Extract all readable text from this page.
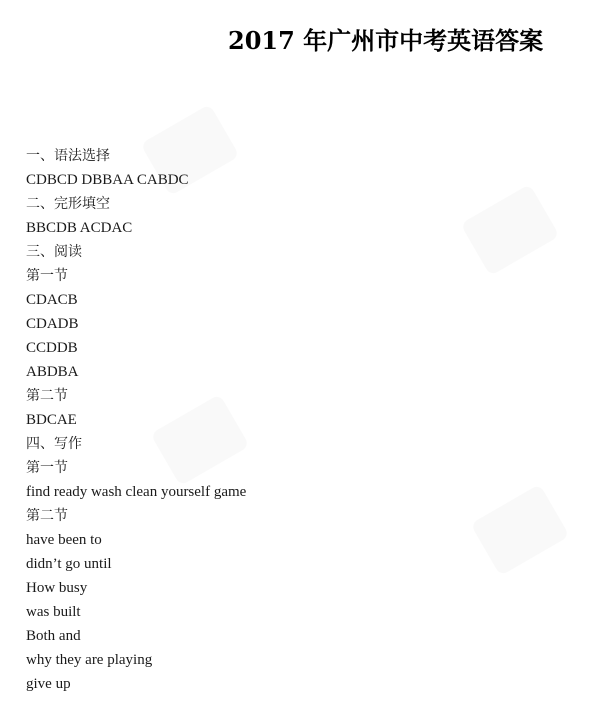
2017 年广州市中考英语答案
一、语法选择
CDBCD DBBAA CABDC
二、完形填空
BBCDB ACDAC
三、阅读
第一节
CDACB
CDADB
CCDDB
ABDBA
第二节
BDCAE
四、写作
第一节
find ready wash clean yourself game
第二节
have been to
didn’t go until
How busy
was built
Both and
why they are playing
give up
